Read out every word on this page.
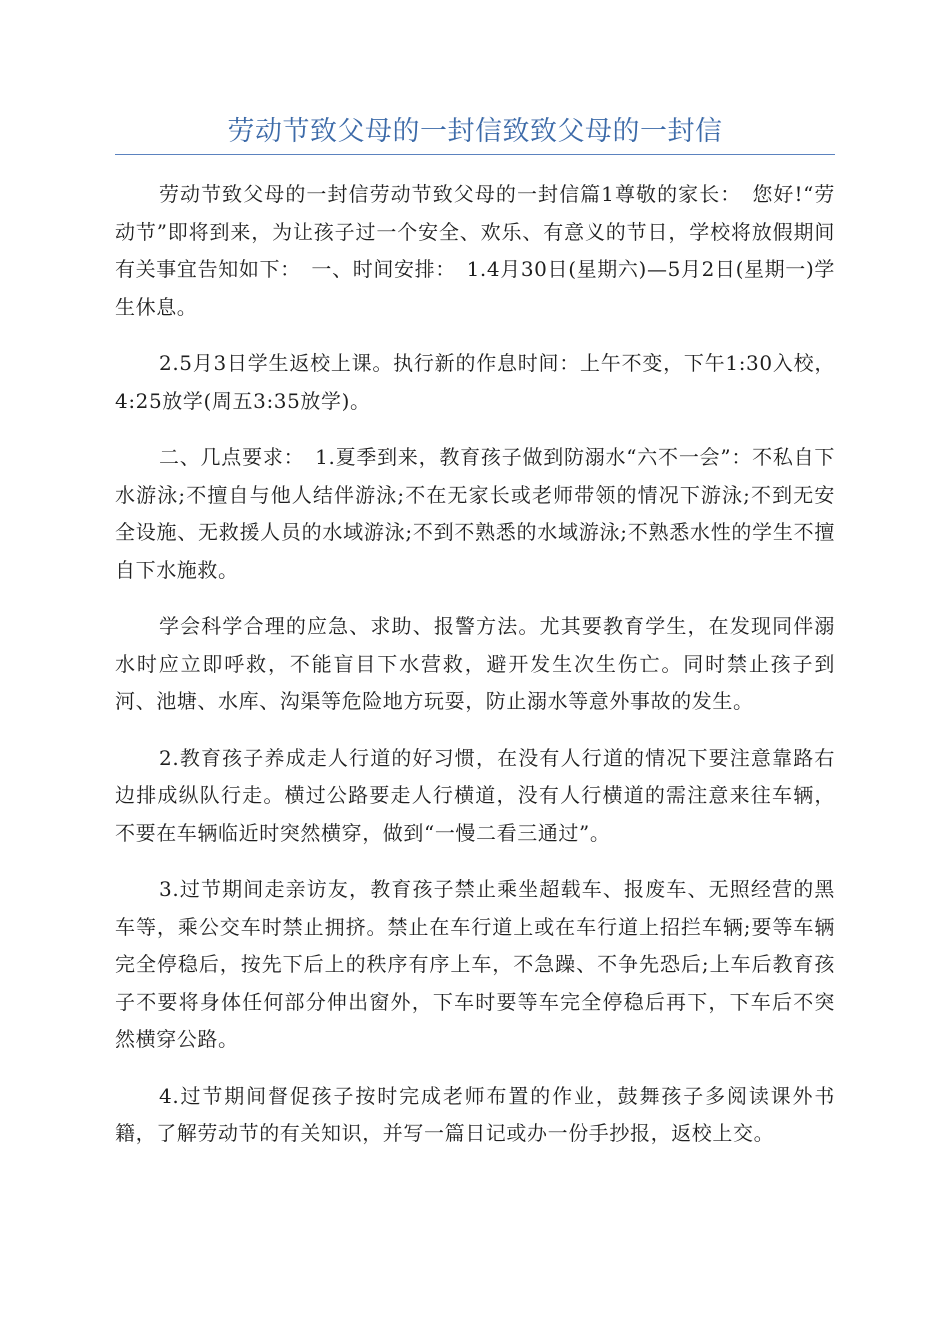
劳动节致父母的一封信致致父母的一封信

劳动节致父母的一封信劳动节致父母的一封信篇1尊敬的家长：　您好!“劳动节”即将到来，为让孩子过一个安全、欢乐、有意义的节日，学校将放假期间有关事宜告知如下：　一、时间安排：　1.4月30日(星期六)—5月2日(星期一)学生休息。

2.5月3日学生返校上课。执行新的作息时间：上午不变，下午1:30入校，4:25放学(周五3:35放学)。

二、几点要求：　1.夏季到来，教育孩子做到防溺水“六不一会”：不私自下水游泳;不擅自与他人结伴游泳;不在无家长或老师带领的情况下游泳;不到无安全设施、无救援人员的水域游泳;不到不熟悉的水域游泳;不熟悉水性的学生不擅自下水施救。

学会科学合理的应急、求助、报警方法。尤其要教育学生，在发现同伴溺水时应立即呼救，不能盲目下水营救，避开发生次生伤亡。同时禁止孩子到河、池塘、水库、沟渠等危险地方玩耍，防止溺水等意外事故的发生。

2.教育孩子养成走人行道的好习惯，在没有人行道的情况下要注意靠路右边排成纵队行走。横过公路要走人行横道，没有人行横道的需注意来往车辆，不要在车辆临近时突然横穿，做到“一慢二看三通过”。

3.过节期间走亲访友，教育孩子禁止乘坐超载车、报废车、无照经营的黑车等，乘公交车时禁止拥挤。禁止在车行道上或在车行道上招拦车辆;要等车辆完全停稳后，按先下后上的秩序有序上车，不急躁、不争先恐后;上车后教育孩子不要将身体任何部分伸出窗外，下车时要等车完全停稳后再下，下车后不突然横穿公路。

4.过节期间督促孩子按时完成老师布置的作业，鼓舞孩子多阅读课外书籍，了解劳动节的有关知识，并写一篇日记或办一份手抄报，返校上交。
